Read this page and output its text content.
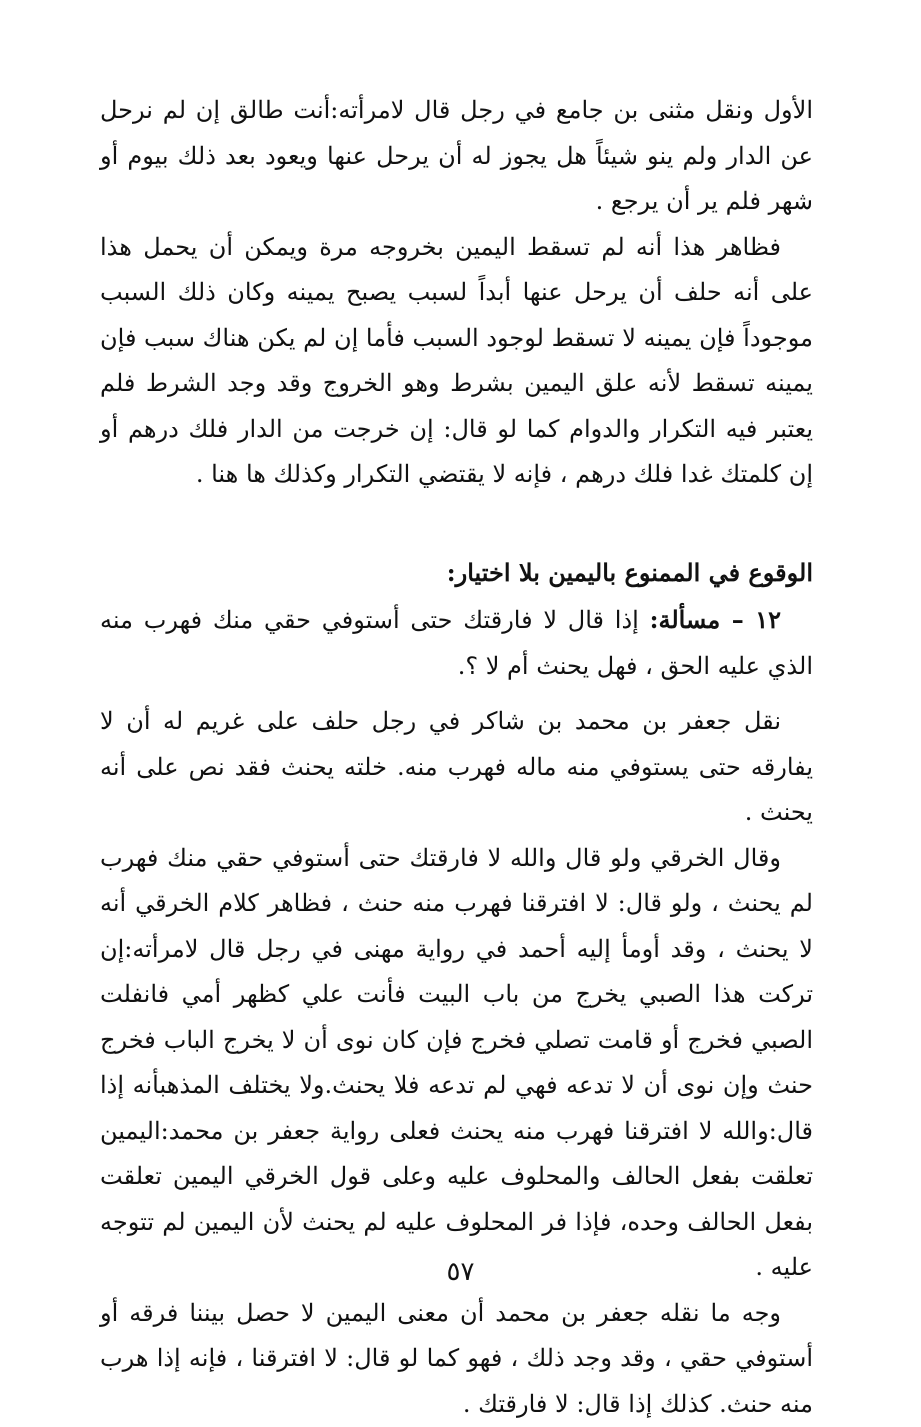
الأول ونقل مثنى بن جامع في رجل قال لامرأته:أنت طالق إن لم نرحل عن الدار ولم ينو شيئاً هل يجوز له أن يرحل عنها ويعود بعد ذلك بيوم أو شهر فلم ير أن يرجع .

فظاهر هذا أنه لم تسقط اليمين بخروجه مرة ويمكن أن يحمل هذا على أنه حلف أن يرحل عنها أبداً لسبب يصبح يمينه وكان ذلك السبب موجوداً فإن يمينه لا تسقط لوجود السبب فأما إن لم يكن هناك سبب فإن يمينه تسقط لأنه علق اليمين بشرط وهو الخروج وقد وجد الشرط فلم يعتبر فيه التكرار والدوام كما لو قال: إن خرجت من الدار فلك درهم أو إن كلمتك غدا فلك درهم ، فإنه لا يقتضي التكرار وكذلك ها هنا .

الوقوع في الممنوع باليمين بلا اختيار:

١٢ – مسألة: إذا قال لا فارقتك حتى أستوفي حقي منك فهرب منه الذي عليه الحق ، فهل يحنث أم لا ؟.

نقل جعفر بن محمد بن شاكر في رجل حلف على غريم له أن لا يفارقه حتى يستوفي منه ماله فهرب منه. خلته يحنث فقد نص على أنه يحنث .

وقال الخرقي ولو قال والله لا فارقتك حتى أستوفي حقي منك فهرب لم يحنث ، ولو قال: لا افترقنا فهرب منه حنث ، فظاهر كلام الخرقي أنه لا يحنث ، وقد أومأ إليه أحمد في رواية مهنى في رجل قال لامرأته:إن تركت هذا الصبي يخرج من باب البيت فأنت علي كظهر أمي فانفلت الصبي فخرج أو قامت تصلي فخرج فإن كان نوى أن لا يخرج الباب فخرج حنث وإن نوى أن لا تدعه فهي لم تدعه فلا يحنث.ولا يختلف المذهبأنه إذا قال:والله لا افترقنا فهرب منه يحنث فعلى رواية جعفر بن محمد:اليمين تعلقت بفعل الحالف والمحلوف عليه وعلى قول الخرقي اليمين تعلقت بفعل الحالف وحده، فإذا فر المحلوف عليه لم يحنث لأن اليمين لم تتوجه عليه .

وجه ما نقله جعفر بن محمد أن معنى اليمين لا حصل بيننا فرقه أو أستوفي حقي ، وقد وجد ذلك ، فهو كما لو قال: لا افترقنا ، فإنه إذا هرب منه حنث. كذلك إذا قال: لا فارقتك .

٥٧
